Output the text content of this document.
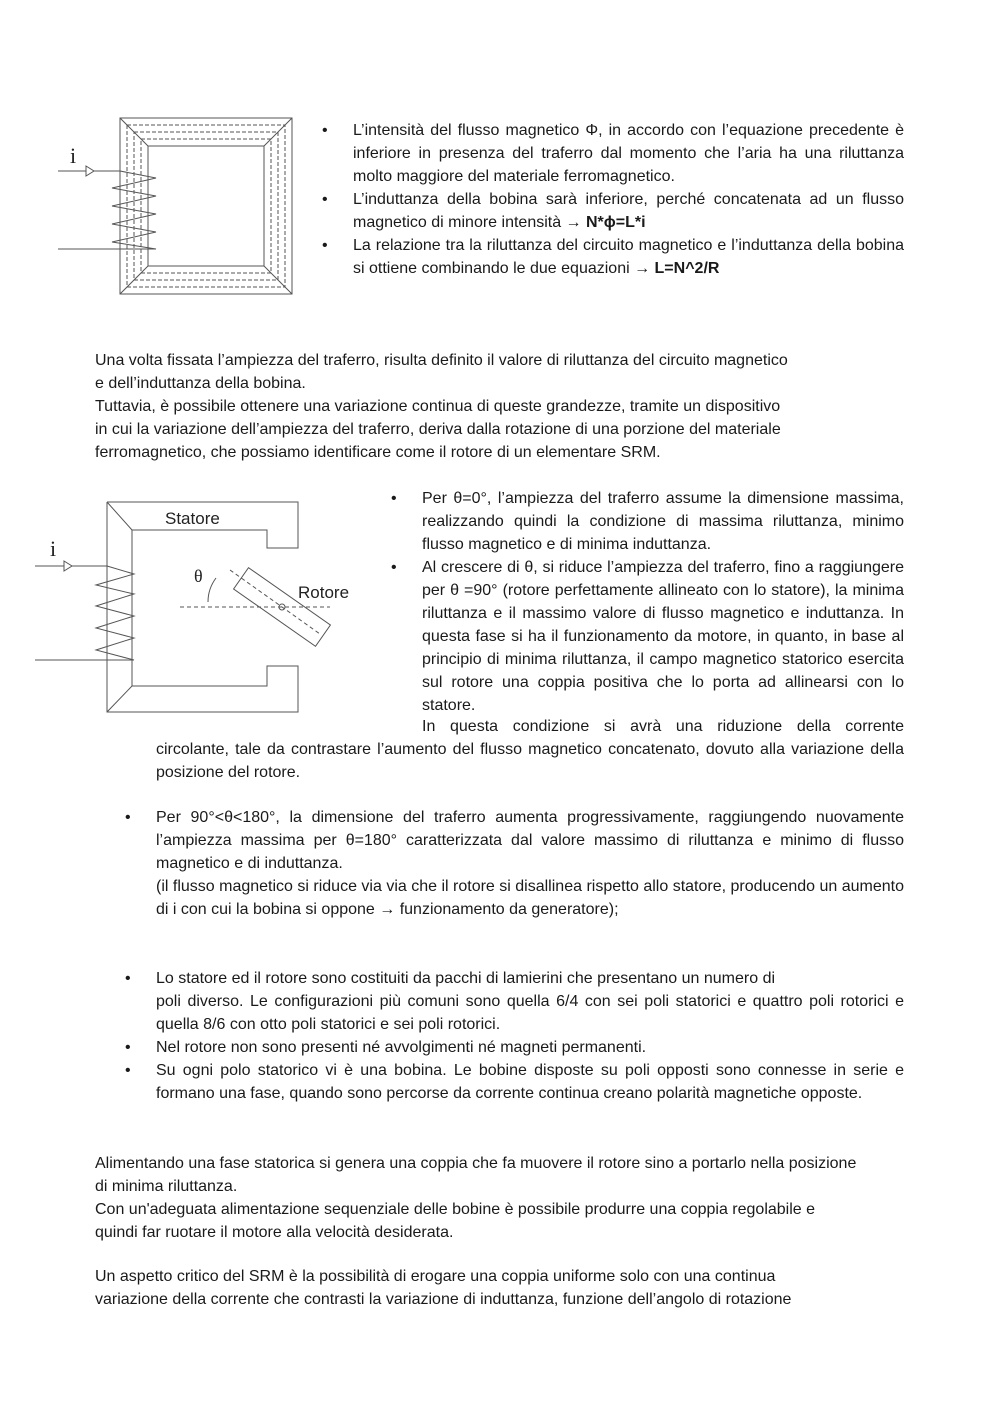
i
• L’intensità del flusso magnetico Φ, in accordo con l’equazione precedente è inferiore in presenza del traferro dal momento che l’aria ha una riluttanza molto maggiore del materiale ferromagnetico.
• L’induttanza della bobina sarà inferiore, perché concatenata ad un flusso magnetico di minore intensità → N*ϕ=L*i
• La relazione tra la riluttanza del circuito magnetico e l’induttanza della bobina si ottiene combinando le due equazioni → L=N^2/R
Una volta fissata l’ampiezza del traferro, risulta definito il valore di riluttanza del circuito magnetico
e dell’induttanza della bobina.
Tuttavia, è possibile ottenere una variazione continua di queste grandezze, tramite un dispositivo
in cui la variazione dell’ampiezza del traferro, deriva dalla rotazione di una porzione del materiale
ferromagnetico, che possiamo identificare come il rotore di un elementare SRM.
Statore
Rotore
θ
i
• Per θ=0°, l’ampiezza del traferro assume la dimensione massima, realizzando quindi la condizione di massima riluttanza, minimo flusso magnetico e di minima induttanza.
• Al crescere di θ, si riduce l’ampiezza del traferro, fino a raggiungere per θ =90° (rotore perfettamente allineato con lo statore), la minima riluttanza e il massimo valore di flusso magnetico e induttanza. In questa fase si ha il funzionamento da motore, in quanto, in base al principio di minima riluttanza, il campo magnetico statorico esercita sul rotore una coppia positiva che lo porta ad allinearsi con lo statore.
In questa condizione si avrà una riduzione della corrente
circolante, tale da contrastare l’aumento del flusso magnetico concatenato, dovuto alla variazione della posizione del rotore.
• Per 90°<θ<180°, la dimensione del traferro aumenta progressivamente, raggiungendo nuovamente l’ampiezza massima per θ=180° caratterizzata dal valore massimo di riluttanza e minimo di flusso magnetico e di induttanza.
(il flusso magnetico si riduce via via che il rotore si disallinea rispetto allo statore, producendo un aumento di i con cui la bobina si oppone → funzionamento da generatore);
• Lo statore ed il rotore sono costituiti da pacchi di lamierini che presentano un numero di
poli diverso. Le configurazioni più comuni sono quella 6/4 con sei poli statorici e quattro poli rotorici e quella 8/6 con otto poli statorici e sei poli rotorici.
• Nel rotore non sono presenti né avvolgimenti né magneti permanenti.
• Su ogni polo statorico vi è una bobina. Le bobine disposte su poli opposti sono connesse in serie e formano una fase, quando sono percorse da corrente continua creano polarità magnetiche opposte.
Alimentando una fase statorica si genera una coppia che fa muovere il rotore sino a portarlo nella posizione
di minima riluttanza.
Con un'adeguata alimentazione sequenziale delle bobine è possibile produrre una coppia regolabile e
quindi far ruotare il motore alla velocità desiderata.
Un aspetto critico del SRM è la possibilità di erogare una coppia uniforme solo con una continua
variazione della corrente che contrasti la variazione di induttanza, funzione dell’angolo di rotazione
